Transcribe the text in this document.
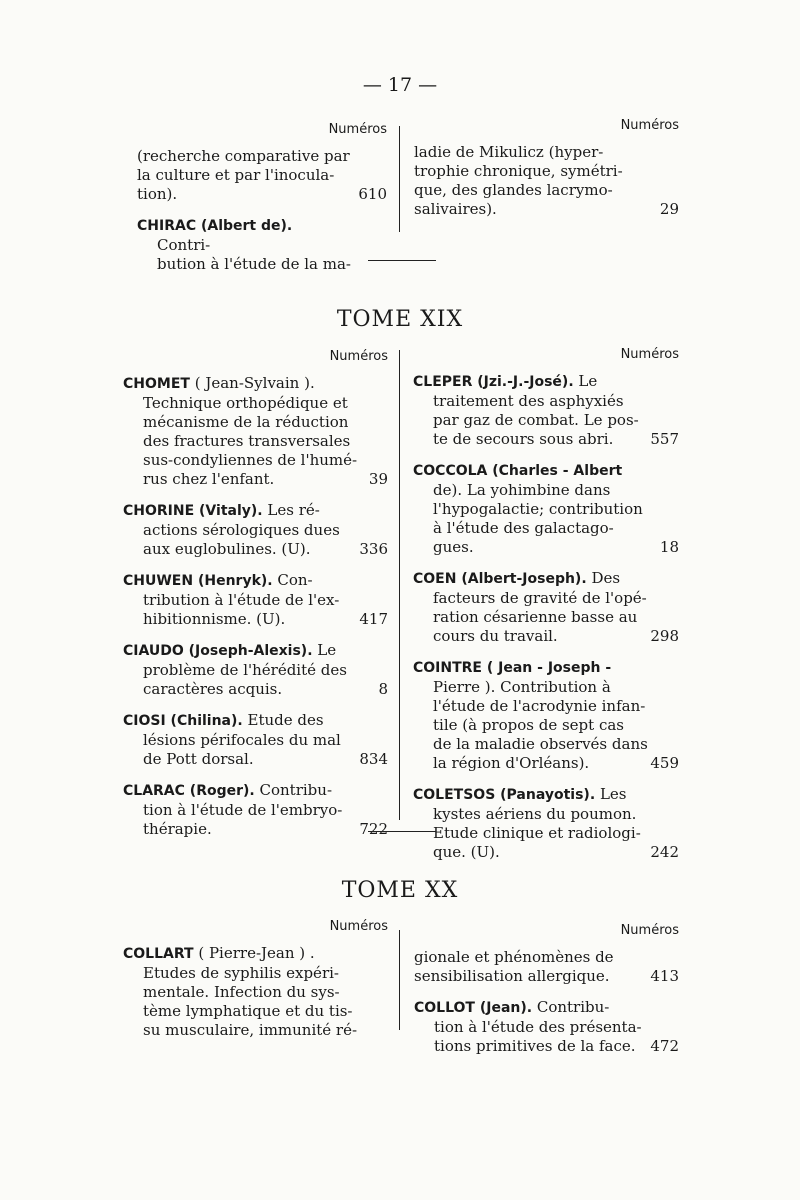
— 17 —
Numéros
(recherche comparative par
la culture et par l'inocula-
610
tion).
CHIRAC (Albert de).
Contri-
bution à l'étude de la ma-
Numéros
ladie de Mikulicz (hyper-
trophie chronique, symétri-
que, des glandes lacrymo-
29
salivaires).
TOME XIX
Numéros
CHOMET ( Jean-Sylvain ).
Technique orthopédique et
mécanisme de la réduction
des fractures transversales
sus-condyliennes de l'humé-
39
rus chez l'enfant.
CHORINE (Vitaly). Les ré-
actions sérologiques dues
336
aux euglobulines. (U).
CHUWEN (Henryk). Con-
tribution à l'étude de l'ex-
417
hibitionnisme. (U).
CIAUDO (Joseph-Alexis). Le
problème de l'hérédité des
8
caractères acquis.
CIOSI (Chilina). Etude des
lésions périfocales du mal
834
de Pott dorsal.
CLARAC (Roger). Contribu-
tion à l'étude de l'embryo-
722
thérapie.
Numéros
CLEPER (Jzi.-J.-José). Le
traitement des asphyxiés
par gaz de combat. Le pos-
557
te de secours sous abri.
COCCOLA (Charles - Albert
de). La yohimbine dans
l'hypogalactie; contribution
à l'étude des galactago-
18
gues.
COEN (Albert-Joseph). Des
facteurs de gravité de l'opé-
ration césarienne basse au
298
cours du travail.
COINTRE ( Jean - Joseph -
Pierre ). Contribution à
l'étude de l'acrodynie infan-
tile (à propos de sept cas
de la maladie observés dans
459
la région d'Orléans).
COLETSOS (Panayotis). Les
kystes aériens du poumon.
Etude clinique et radiologi-
242
que. (U).
TOME XX
Numéros
COLLART ( Pierre-Jean ) .
Etudes de syphilis expéri-
mentale. Infection du sys-
tème lymphatique et du tis-
su musculaire, immunité ré-
Numéros
gionale et phénomènes de
413
sensibilisation allergique.
COLLOT (Jean). Contribu-
tion à l'étude des présenta-
472
tions primitives de la face.
